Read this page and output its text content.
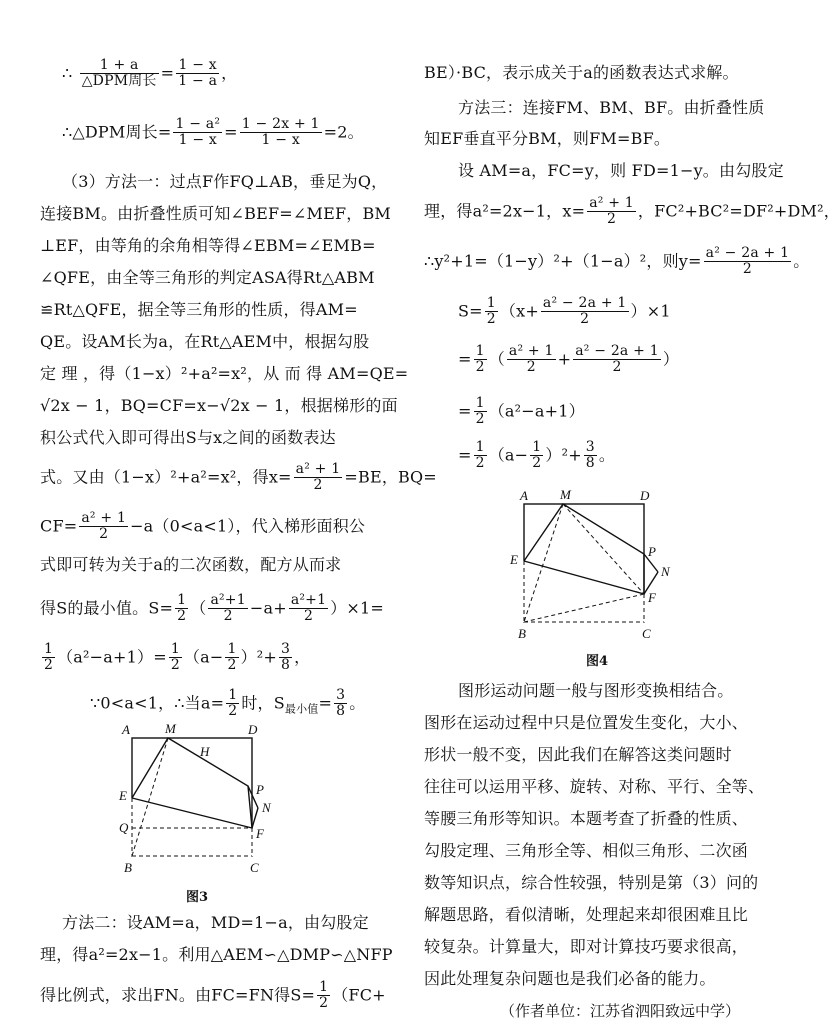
∴ $\frac{1 + a}{\text{△DPM周长}} = \frac{1 - x}{1 - a}$ ，
∴△DPM周长= $\frac{\text{1 − a²}}{1 - x} = \frac{1 - 2x + 1}{1 - x} =2$。
（3）方法一：过点F作FQ⊥AB，垂足为Q，
连接BM。由折叠性质可知∠BEF=∠MEF，BM
⊥EF，由等角的余角相等得∠EBM=∠EMB=
∠QFE，由全等三角形的判定ASA得Rt△ABM
≌Rt△QFE，据全等三角形的性质，得AM=
QE。设AM长为a，在Rt△AEM中，根据勾股
定 理 ，得（1−x）²+a²=x²，从 而 得 AM=QE=
√2x − 1，BQ=CF=x−√2x − 1，根据梯形的面
积公式代入即可得出S与x之间的函数表达
式。又由（1−x）²+a²=x²，得$x= \frac{\text{a² + 1}}{2} =BE$，BQ=
$CF= \frac{\text{a² + 1}}{2} -a(0<a<1)$，代入梯形面积公
式即可转为关于a的二次函数，配方从而求
得S的最小值。$S= \frac{1}{2}$ （ $\frac{\text{a²+1}}{2} -a+ \frac{\text{a²+1}}{2} )\times 1=$
$\frac{1}{2} (a^2-a+1)= \frac{1}{2} (a- \frac{1}{2} )^2+ \frac{3}{8}$ ，
∵0<a<1，∴当$a= \frac{1}{2}$ 时，$S_{最小值}= \frac{3}{8}$ 。
A	M	D
H
E	P
N
Q	F
B	C
图3
方法二：设AM=a，MD=1−a，由勾股定
理，得a²=2x−1。利用△AEM∽△DMP∽△NFP
得比例式，求出FN。由FC=FN得$S= \frac{1}{2} (FC+$
BE）·BC，表示成关于a的函数表达式求解。
方法三：连接FM、BM、BF。由折叠性质
知EF垂直平分BM，则FM=BF。
设 AM=a，FC=y，则 FD=1−y。由勾股定
理，得a²=2x−1，$x= \frac{\text{a² + 1}}{2}$ ，FC²+BC²=DF²+DM²，
∴y²+1=（1−y）²+（1−a）²，则$y= \frac{\text{a² − 2a + 1}}{2}$ 。
$S= \frac{1}{2} (x+ \frac{\text{a² − 2a + 1}}{2} )\times 1$
= $\frac{1}{2}$ （ $\frac{\text{a² + 1}}{2} + \frac{\text{a² − 2a + 1}}{2}$ ）
= $\frac{1}{2} (a^2-a+1)$
= $\frac{1}{2} (a- \frac{1}{2} )^2+ \frac{3}{8}$ 。
A M	D
E
P
N
F
B	C
图4
图形运动问题一般与图形变换相结合。
图形在运动过程中只是位置发生变化，大小、
形状一般不变，因此我们在解答这类问题时
往往可以运用平移、旋转、对称、平行、全等、
等腰三角形等知识。本题考查了折叠的性质、
勾股定理、三角形全等、相似三角形、二次函
数等知识点，综合性较强，特别是第（3）问的
解题思路，看似清晰，处理起来却很困难且比
较复杂。计算量大，即对计算技巧要求很高，
因此处理复杂问题也是我们必备的能力。
（作者单位：江苏省泗阳致远中学）
